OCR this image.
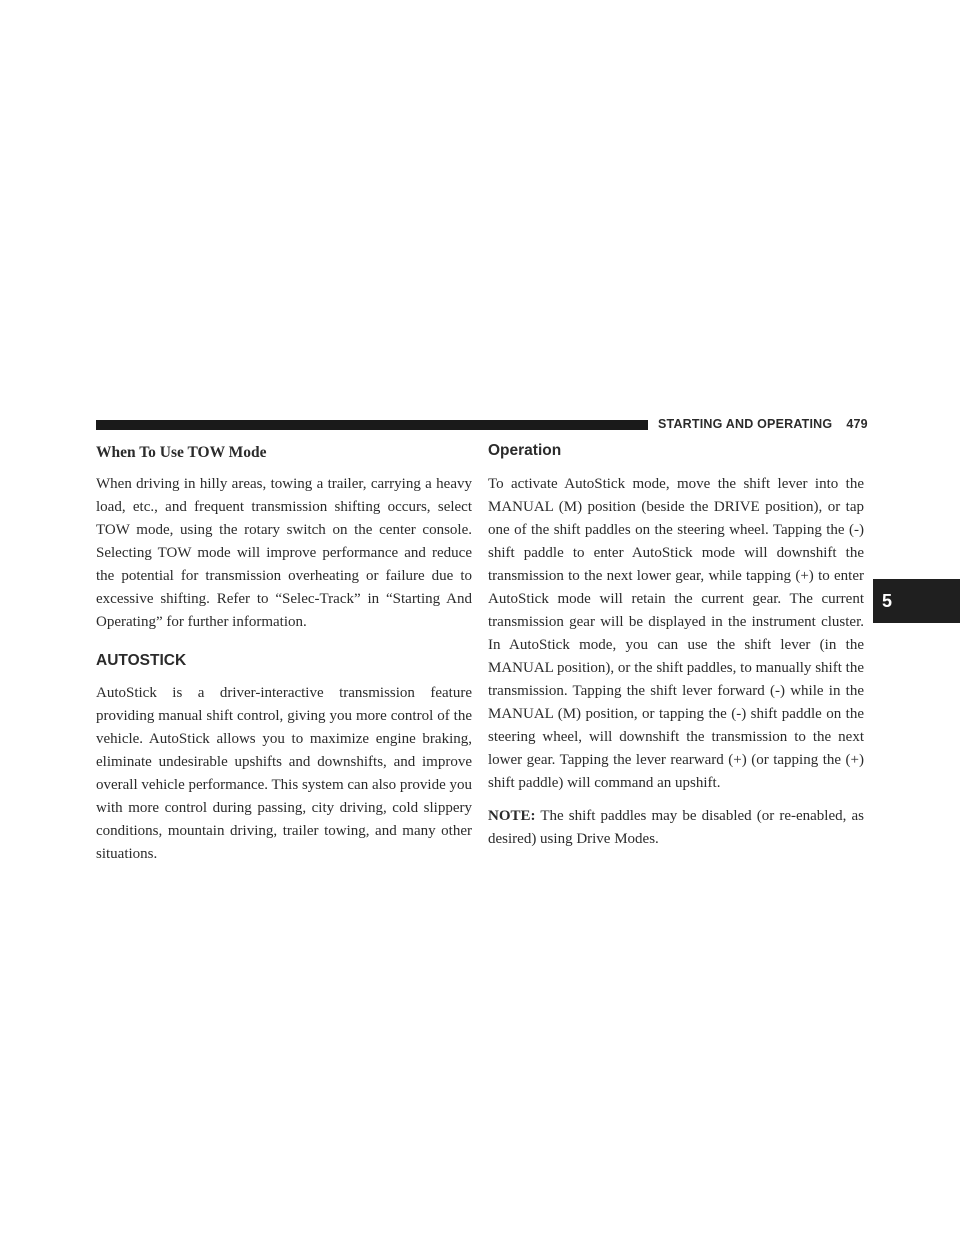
STARTING AND OPERATING 479
5
When To Use TOW Mode

When driving in hilly areas, towing a trailer, carrying a heavy load, etc., and frequent transmission shifting occurs, select TOW mode, using the rotary switch on the center console. Selecting TOW mode will improve performance and reduce the potential for transmission overheating or failure due to excessive shifting. Refer to “Selec-Track” in “Starting And Operating” for further information.

AUTOSTICK

AutoStick is a driver-interactive transmission feature providing manual shift control, giving you more control of the vehicle. AutoStick allows you to maximize engine braking, eliminate undesirable upshifts and downshifts, and improve overall vehicle performance. This system can also provide you with more control during passing, city driving, cold slippery conditions, mountain driving, trailer towing, and many other situations.

Operation

To activate AutoStick mode, move the shift lever into the MANUAL (M) position (beside the DRIVE position), or tap one of the shift paddles on the steering wheel. Tapping the (-) shift paddle to enter AutoStick mode will downshift the transmission to the next lower gear, while tapping (+) to enter AutoStick mode will retain the current gear. The current transmission gear will be displayed in the instrument cluster. In AutoStick mode, you can use the shift lever (in the MANUAL position), or the shift paddles, to manually shift the transmission. Tapping the shift lever forward (-) while in the MANUAL (M) position, or tapping the (-) shift paddle on the steering wheel, will downshift the transmission to the next lower gear. Tapping the lever rearward (+) (or tapping the (+) shift paddle) will command an upshift.

NOTE: The shift paddles may be disabled (or re-enabled, as desired) using Drive Modes.
